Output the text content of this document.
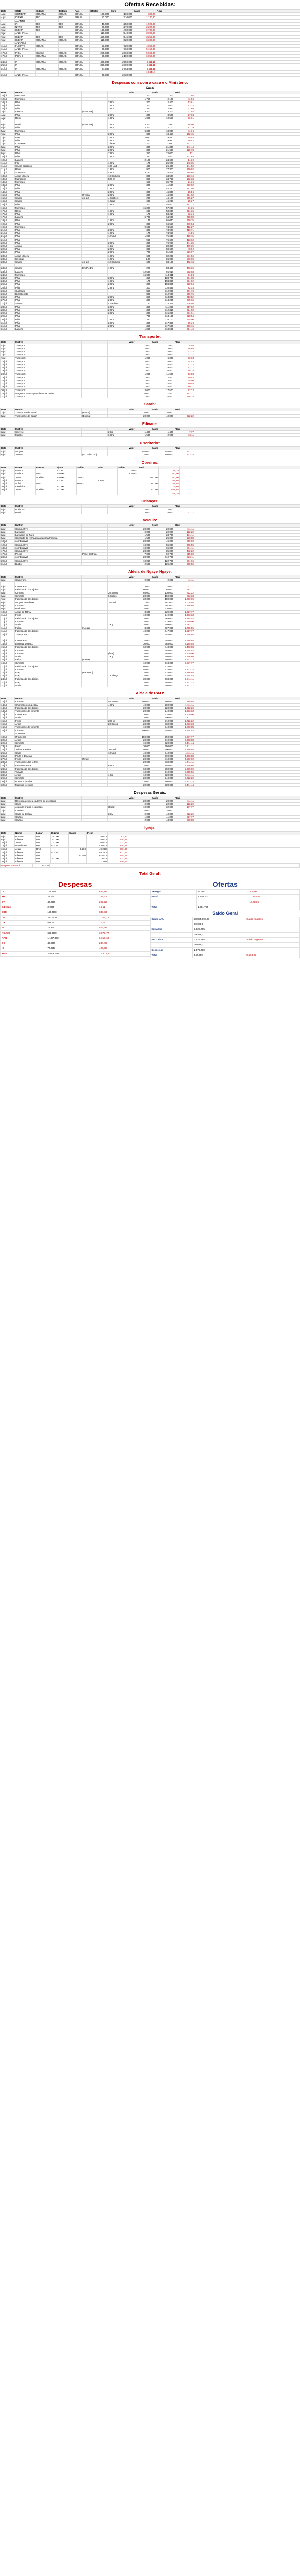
Ofertas Recebidas:
Data	COD	Cidade	Estado	País	Ofertas	Euro	Saldo	Real
4/jul	COMBAP	GOIANIA	GOIAS	BRASIL	160.000	160.000	300,00	
4/jul	IGEXP	RIO	RIO	BRASIL	50.000	210.000	1.130,90	
	ALANTO							
4/jul	IR	RIO	RIO	BRASIL	40.000	250.000	1.900,00	
4/jul	NARD	RIO	RIO	BRASIL	20.000	270.000	2.200,00	
7/jul	IGEXP	RIO		BRASIL	130.000	400.000	2.700,00	
7/jul	ANCHINNA			BRASIL	110.000	540.000	3.000,00	
7/jul	IGEXP	RIO	RIO	BRASIL	450.000	545.000	3.250,00	
7/jul	IGEXP	GOIANIA	GOIAS	BRASIL	115.000	620.000	3.300,00	
	ANAPOLI							
11/jul	FUMPTS	GOIAS		BRASIL	53.000	729.000	4.050,00	
11/jul	ANCHINNA			BRASIL	60.000	760.000	5.150,00	
17/jul	PICL	Goiania	GOIAS	BRASIL	280.000	1.060.000	5.600,00	
17/jul	PCAHI	GOIANIA	GOIAS	BRASIL	60.000	1.100.000	6.050,00	

24/jul	IF	GOIANIA	GOIAS	BRASIL	400.000	1.550.000	6.611,11	
25/jul	IF			BRASIL	300.000	1.800.000	6.611,11	
31/jul	IF	GOIANIA	GOIAS	BRASIL	64.000	1.794.000	6.611,11	
							10.444,4	
31/jul	ANCHINNA			BRASIL	36.000	1.830.000		
Despesas com com a casa e o Ministerio:
Casa:
Date	Motivo			Valor	Saldo	Real	
10/jul	Mercado			300	300	1,94	
10/jul	Mercado			1.750	2.100	11,56	
10/jul	Pão		2 Und	300	2.400	13,61	
10/jul	Pão		2 Und	300	2.600	13,32	
10/jul	Pão		2 Und	350	2.950	27,66	
3/jul	Lanche	(extantes)		3.300	3.200	31,92	
4/jul	Pão		2 Und	300	3.500	27,68	
4/jul	Refri		1 Und	1.000	10.550	86,61	

6/jul	Refri	(extantes)	2 Und	3.300	11.950	98,00	
5/jul	Pão		2 Und	2.300	12.100	97,19	
5/jul	Mercado			6.000	18.000	119,6	
7/jul	Pão		2 Und	300	18.450	152,15	
7/jul	Gas		2 Und	2.050	19.550	158,5	
7/jul	Pão		2 Und	350	19.950	165,2	
7/jul	Convenie		2 latas	1.200	21.030	121,27	
8/jul	Pão		2 Und	300	21.330	141,44	
9/jul	Pão		2 Und	300	21.600	125,73	
9/jul	Pão		2 Und	350	22.000	121	
10/jul	Pão		2 Und	350	22.500	132,84	
10/jul	Lanche			2.100	24.600	146,0	
11/jul	Filé		1 Und	175	25.925	142,35	
11/jul	Sacos plasticos		100 Und	400	26.400	144,52	
11/jul	Refri		1 Und	900	27.300	150,02	
11/jul	Shwarma		4 Und	3.750	33.405	185,68	
13/jul	Agua Mineral		10 Sachets	800	34.500	193,16	
13/jul	Margarina		500 gr	850	34.765	192,33	
13/jul	Mercado			650	35.700	215,6	
13/jul	Pão		2 Und	300	41.500	230,02	
14/jul	Pão		1 Und	175	45.280	251,56	
14/jul	Pão		2 Und	300	45.830	253,6	
15/jul	Pão	(Pedra)	2 Und	300	46.000	254,60	
15/jul	Sabao	em pó	4 Sachets	200	46.190	256,27	
16/jul	Sabao		1 latas	600	46.200	256,7	
16/jul	Pão		2 Und	300	46.500	257,12	
16/jul	Mercado			15.000	57.230	316,5	
17/jul	Refri		1 Und	600	58.030	321,36	
17/jul	Pão		1 Und	175	58.210	321,6	
17/jul	Lanche			5.700	64.905	358,98	
19/jul	Pão		1 Und	175	65.070	359,75	
19/jul	Pão		2 Und	300	66.550	380,84	
19/jul	Mercado			9.600	74.550	412,27	
21/jul	Pão		2 Und	300	74.900	413,71	
21/jul	Pão		1 Und	175	74.955	414,5	
21/jul	Pão		12 Und	1.080	75.635	420,15	
21/jul	Pão			960	76.620	423,62	
22/jul	Pão		2 Und	300	76.980	444,35	
22/jul	Agrafi		1 Kg	350	80.300	479,39	
22/jul	Pão		2 Und	300	80.600	480,2	
23/jul	Pão		2 Und	700	81.505	526,97	
23/jul	Agua Mineral		1 Und	625	82.235	531,56	
23/jul	Ketchup		1 Und	5.00	86.000	580,00	
23/jul	Sabao	em pó	12 Sachets	600	83.185	462,13	

24/jul	Sabao	Em Pedra	1 Und	220	83.405	463,36	
24/jul	Lanche			12.500	95.910	532,83	
24/jul	Mercado			15.000	110.911	618,3	
24/jul	Pão		2 Und	350	108.735	604,08	
24/jul	Pão		1 Und	175	108.885	604,92	
25/jul	Pão		2 Und	300	108.885	620,04	
26/jul	Pão		2 Und	300	110.435	821,4	
26/jul	Cuilhado			850	112.000	691,76	
26/jul	Bicarbonato			800	112.900	650,76	
26/jul	Pão		2 Und	350	113.835	613,52	
27/jul	Pão		2 Und	300	114.205	635,65	
27/jul	Sabao		4 Sachets	160	114.375	636,05	
28/jul	Pão		2 Und	350	111.065	617,02	
28/jul	Pão		2 Und	300	112.310	624,00	
29/jul	Pão		2 Und	300	115.080	631,61	
29/jul	Pão			700	113.185	628,54	
30/jul	Pão		2 Und	350	116.100	645,00	
31/jul	Pão		2 Und	300	117.360	651,0	
31/jul	Pão		2 Und	350	117.565	653,16	
31/jul	Lanche			1.000	118.565	654,46	
Transporte:
Date	Motivo			Valor	Saldo	Real	
4/jul	Transport			1.000	1.000	5,55	
4/jul	Transport			2.000	3.000	16,66	
5/jul	Transport			1.000	4.000	22,22	
7/jul	Transport			1.000	5.000	27,77	
7/jul	Transport			1.000	6.000	33,33	
14/jul	Transport			2.000	8.000	44,44	
15/jul	Transport			500	8.500	47,22	
16/jul	Transport			1.000	9.500	52,77	
19/jul	Transport			1.000	10.500	58,33	
20/jul	Transport			1.000	11.500	63,88	
23/jul	Transport			1.000	12.500	69,44	
24/jul	Transport			1.000	13.500	75,00	
27/jul	Transport			1.000	14.500	80,55	
29/jul	Transport			1.000	15.500	86,11	
30/jul	Transport			2.000	17.500	97,22	
28/jul	Viagem a THIES para levar as malas			10.000	27.500	152,77	
31/jul	Transport			1.000	28.500	158,33	
Sarah:
Date	Motivo			Valor	Saldo	Real	
7/jul	Transporte de Sarah	(Bolsa)		20.000	20.000	111,11	
8/jul	Transporte de Sarah	(Escola)		20.000	40.000	222,22	
Edivane:
Date	Motivo			Valor	Saldo	Real	
3/jul	Sorvete		2 Kg	1.400	1.400	7,77	
3/jul	Maçãs		6 Und	1.500	2.900	16,11	
Escritorio:
Date	Motivo			Valor	Saldo	Real	
4/jul	Aluguel			140.000	140.000	777,77	
8/jul	Tonner	(5x1 al ADSL)		10.000	150.000	833,33	
Obreiros:
Date	nome	Funcao	ajuda	Saldo	Valor	Saldo	Real		
4/jul	Guarda		6.000			6.000		33,33	
5/jul	Ordano	Mus	120.000			126.000		700,00	
5/jul	Jean	Auxiliar	130.000	10.000			115.000	700,00	
15/jul	Guarda		6.000		1.360			766,66	
15/jul	Arfidi	Mus		60.000			136.000	755,55	
30/jul	Landeira		30.000					177,80	
30/jul	Jean	Auxiliar	50.000				160.000	888,85	
								1.324,18	
Crianças:
Date	Motivo			Valor	Saldo	Real	
5/jul	Bolinhas			2.000	2.000	11,11	
5/jul	Refri			3.000	5.000	27,77	
Veículo:
Date	Motivo			Valor	Saldo	Real	
2/jul	Combustivel			20.000	20.000	111,11	
2/jul	Lavagem			2.000	22.000	122,22	
3/jul	Lavagem do Farol			1.500	23.700	131,11	
5/jul	Concerto da fechadura da porta traseira			1.500	25.000	138,88	
10/jul	combustivel			20.000	45.000	250,00	
12/jul	Combustivel			10.000	55.000	305,55	
13/jul	combustivel			10.000	65.000	361,11	
17/jul	Combustivel			20.000	85.000	472,22	
17/jul	Peças	Parte Eletrica		7.000	92.700	515,00	
28/jul	combustivel			20.000	112.700	626,11	
29/jul	Combustivel			10.000	122.700	681,66	
31/jul	Bulbo			2.500	125.200	695,55	
Aldeia de Ngaye Ngaye:
Date	Motivo			Valor	Saldo	Real	
3/jul	Camerano			2.000	2.000	11,11	

4/jul	Camerano			3.000	5.000	27,77	
4/jul	Fabricação dos tijolos			60.000	65.000	361,11	
5/jul	Cimento		20 Sacos	65.000	130.000	722,22	
6/jul	Cimento		5 Sacos	20.000	150.000	833,33	
7/jul	Fabricação dos tijolos			30.000	180.000	1.000,00	
8/jul	Aluguel de tabuas		10 Und	1.000	181.000	1.005,55	
9/jul	Cimento			20.000	201.000	1.116,66	
9/jul	Pedreiros			35.000	236.000	1.311,11	
10/jul	Agua de TRAM			3.000	239.000	1.327,77	
11/jul	Ferro			10.000	249.000	1.383,33	
11/jul	Fabricação dos tijolos			20.000	269.000	1.494,44	
11/jul	Cimento			10.000	279.000	1.550,00	
11/jul	Areia		2 Kg	20.000	299.000	1.661,11	
11/jul	Falpa	(Areia)		8.000	307.000	1.705,55	
11/jul	Fabricação dos tijolos			40.000	347.000	1.927,77	
14/jul	Transporte			5.000	352.000	1.955,55	

14/jul	Camerano			6.000	358.000	1.988,88	
14/jul	Limpeza do poço			30.000	388.000	2.155,55	
15/jul	Fabricação dos tijolos			60.000	448.000	2.488,88	
15/jul	Cimento			10.000	458.000	2.544,44	
15/jul	Cimento		(final)	10.000	468.000	2.600,00	
16/jul	Areia		2 Kg	30.000	498.000	2.766,66	
16/jul	Falpa	(Areia)		10.000	508.000	2.822,22	
16/jul	Cimento			10.000	518.000	2.877,77	
21/jul	Fabricação dos tijolos			60.000	578.000	3.211,11	
21/jul	Cimento			40.000	618.000	3.433,33	
22/jul	Eixp	(Pedreiro)		10.000	628.000	3.488,88	
24/jul	Eixp		1 Cabeça	10.000	638.000	3.544,44	
24/jul	Fabricação dos tijolos			30.000	668.000	3.711,11	
31/jul	Eixp			20.000	688.000	3.822,22	
31/jul	Areia			10.000	698.000	3.877,77	
Aldeia de RAO:
Date	Motivo			Valor	Saldo	Real	
14/jul	Cimento		40 Sacos	160.000	160.000	888,88	
14/jul	Chamelto com pedra		4 Und	40.000	200.000	1.111,11	
14/jul	Fabricação dos tijolos			20.000	220.000	1.222,22	
14/jul	Transporte de cimento			20.000	240.000	1.333,33	
14/jul	Camerano			30.000	270.000	1.500,00	
14/jul	Areia			20.000	290.000	1.611,11	
15/jul	Ferro		200 kg	20.000	310.000	1.722,22	
15/jul	Areia		20 Sacos	20.000	330.000	1.833,33	
16/jul	Transporte de cimento			10.000	340.000	1.888,88	
16/jul	Cimento			100.000	440.000	2.444,44	
	Sulemne						
18/jul	(Pedreiro)			150.000	590.000	3.277,77	
20/jul	Areia			20.000	610.000	3.388,88	
22/jul	Cimento			10.000	620.000	3.444,44	
23/jul	Ferro			30.000	650.000	3.611,11	
25/jul	Telhas Eternite		30 Und	50.000	700.000	3.888,88	
25/jul	Cabo		10 Und	40.000	740.000	4.111,11	
26/jul	Porta e Janelas			50.000	790.000	4.388,88	
27/jul	Ferro	(Final)		20.000	810.000	4.500,00	
28/jul	Transporte das telhas			20.000	830.000	4.611,11	
28/jul	Eletro estalacao		6 Und	10.000	840.000	4.666,66	
28/jul	Fabricação dos tijolos			60.000	900.000	5.000,00	
28/jul	Tonado			10.000	910.000	5.055,55	
28/jul	Areia		1 Kg	10.000	920.000	5.111,11	
29/jul	Cimento			20.000	940.000	5.222,22	
30/jul	Portas e janelas			20.000	960.000	5.333,33	
30/jul	Mateiral electrico			20.000	980.000	5.444,44	
Despesas Gerais:
Date	Motivo			Valor	Saldo	Real	
2/jul	Reforma de meu caderno de escritorio			20.000	20.000	111,11	
2/jul	Corio			2.000	22.000	122,22	
2/jul	Jogo de pratos e canecas		(Casa)	10.000	32.000	177,77	
2/jul	Camisa			6.000	38.000	211,11	
2/jul	Cabo de Celular		26 M	2.000	40.000	222,22	
2/jul	Cartao			1.000	41.000	227,77	
3/jul	Cartao			2.000	43.000	238,88	
Igreja:
Date	Nome	Lugar	Dizimo	Saldo	Real		
5/jul	Rubens	DTL	15.000		15.000	83,33	
8/jul	Ofertas	DTL	10.000		25.000	138,88	
10/jul	Jean	DTL	13.000		38.000	211,11	
13/jul	Wanderleia	RAO	5.000		43.000	238,88	
15/jul	Jean	RAO		6.260	49.260	273,66	
15/jul	Ofertas	DTL	5.000		54.260	301,44	
20/jul	Ofertas	DTL		13.340	67.600	375,55	
24/jul	Ofertas	DTL	10.000		77.600	431,11	
30/jul	Ofertas	DTL			77.338	429,65	
Despesa extraord:	77.338	
Total Geral:
Despesas
DC	118.565	653,16
TP	28.500	158,33
ST	40.000	222,22
Edivane	2.900	16,11
ESC	150.000	833,33
OB	282.000	1.324,18
CR	5.000	27,77
VC	73.200	406,66
NGAYE	698.000	3.877,77
RAO	1.137.000	6.316,66
DG	43.000	238,88
IG	77.338	429,65
Total	2.573.760	17.301,42
Ofertas
Senegal	51.700	300,00
Brasil	1.779.300	10.144,44
		10.088,6
Total	1.861.786	
Saldo Geral
Saldo Ant.	38.885.098,37	Saldo negativo
	10.088,6	
Entradas	1.925.785	
	19.478,7	
Em Caixa	1.525.785	Saldo negativo
	16.676,1	
Despesas	2.573.760	
Total	947.509	5.268,22
